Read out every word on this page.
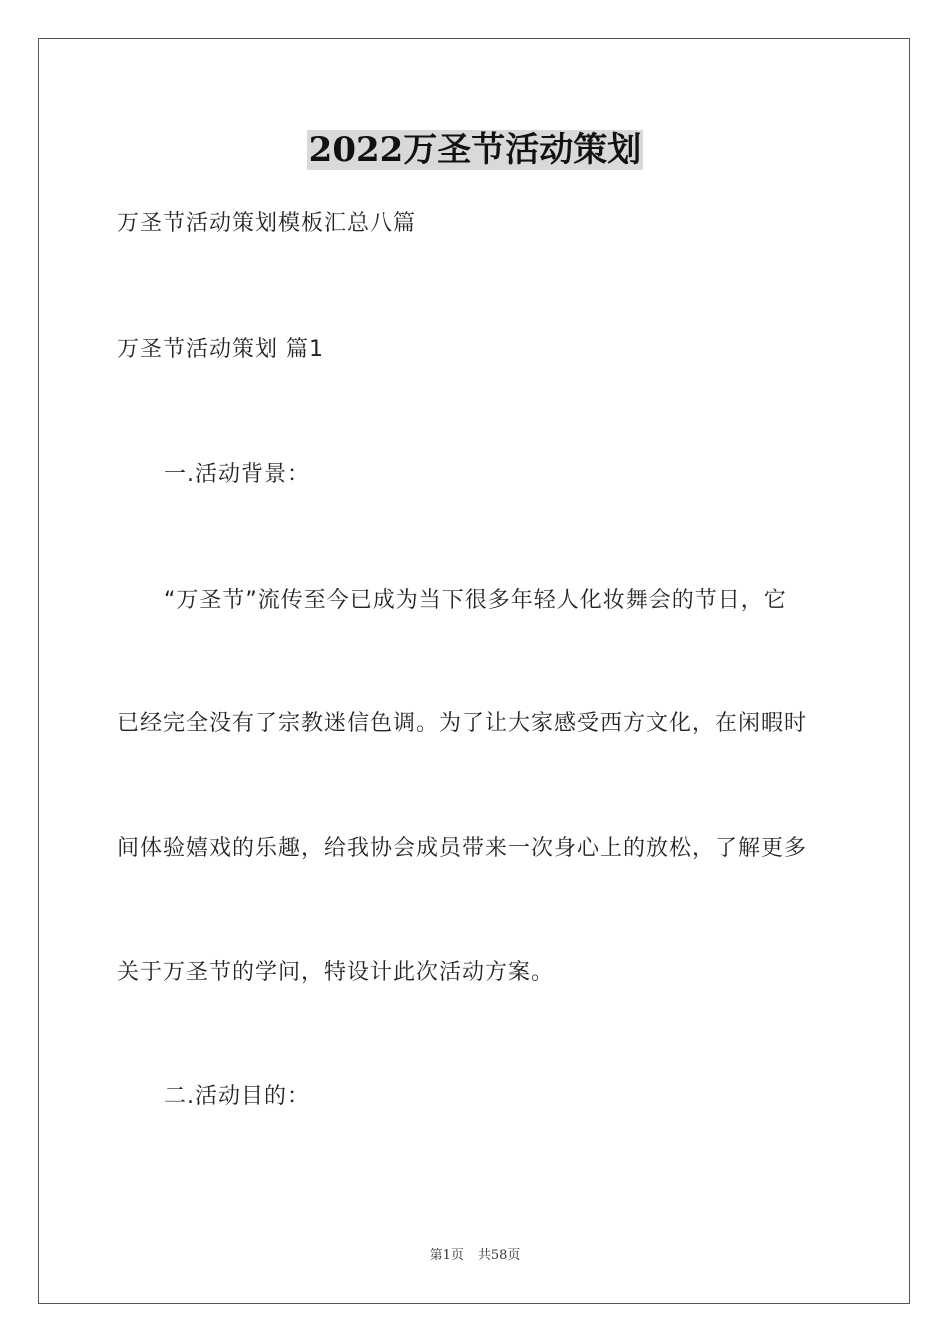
2022万圣节活动策划
万圣节活动策划模板汇总八篇
万圣节活动策划 篇1
一.活动背景：
“万圣节”流传至今已成为当下很多年轻人化妆舞会的节日，它
已经完全没有了宗教迷信色调。为了让大家感受西方文化，在闲暇时
间体验嬉戏的乐趣，给我协会成员带来一次身心上的放松，了解更多
关于万圣节的学问，特设计此次活动方案。
二.活动目的：
第1页 共58页
